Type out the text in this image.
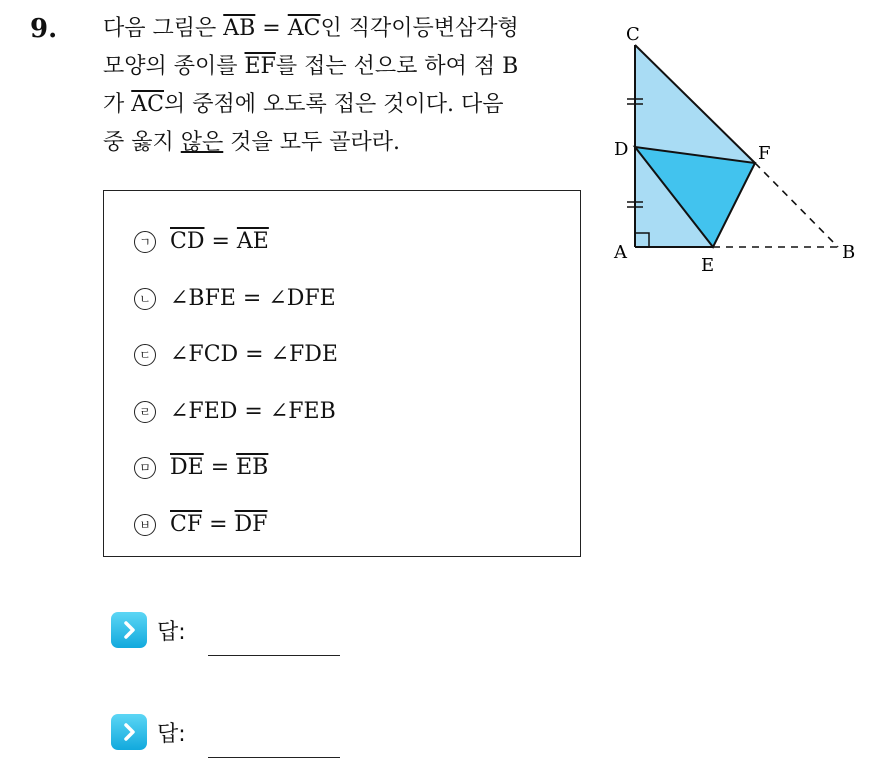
9. 다음 그림은 $\overline{AB} = \overline{AC}$인 직각이등변삼각형
모양의 종이를 $\overline{EF}$를 접는 선으로 하여 점 B
가 $\overline{AC}$의 중점에 오도록 접은 것이다. 다음
중 옳지 않은 것을 모두 골라라.
ㄱ $\overline{CD} = \overline{AE}$
ㄴ ∠BFE = ∠DFE
ㄷ ∠FCD = ∠FDE
ㄹ ∠FED = ∠FEB
ㅁ $\overline{DE} = \overline{EB}$
ㅂ $\overline{CF} = \overline{DF}$
답:
답:
C
D	F
A
E
B
